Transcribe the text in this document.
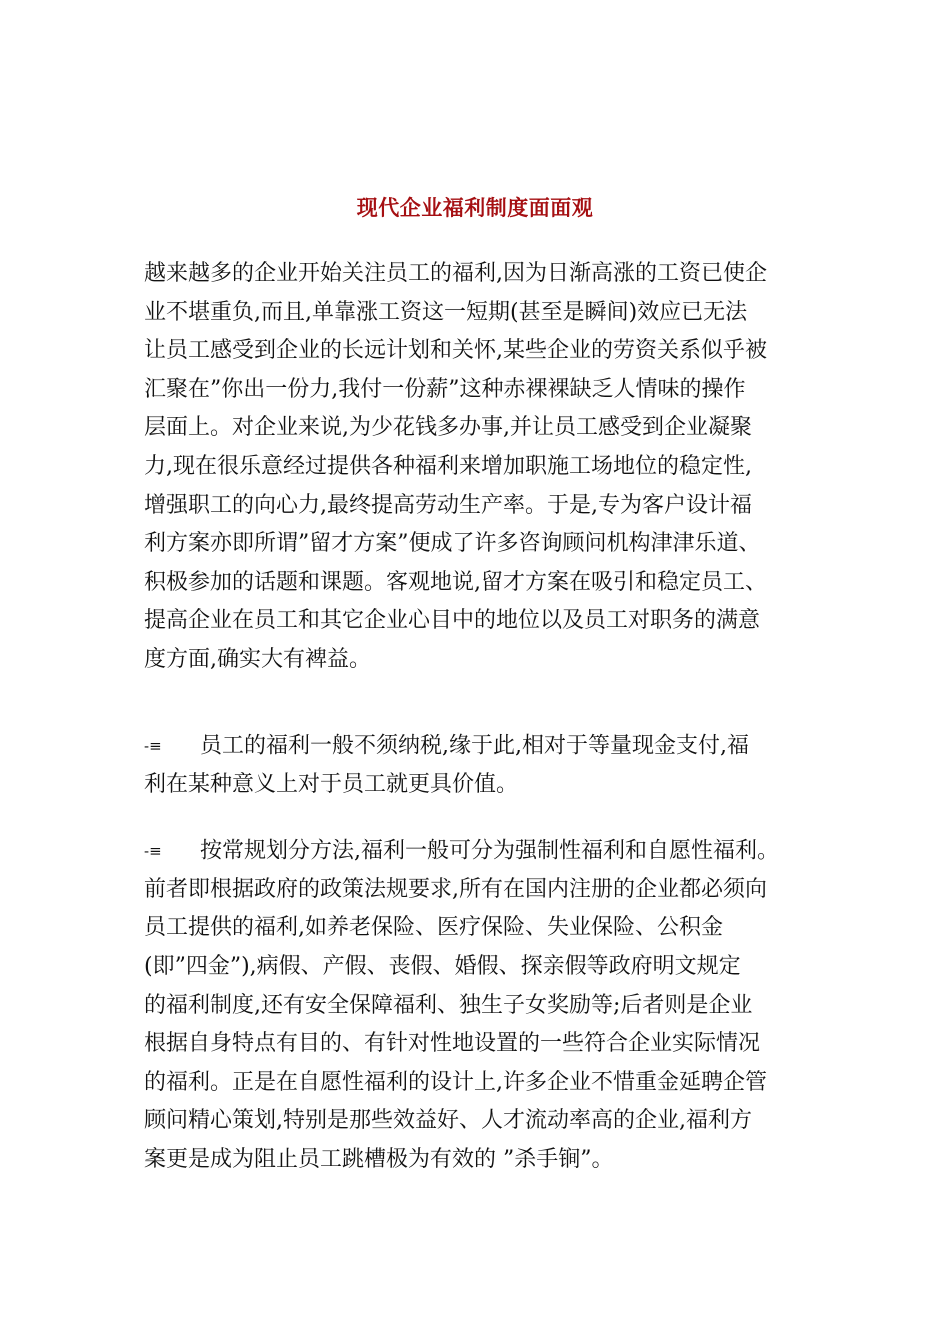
现代企业福利制度面面观
越来越多的企业开始关注员工的福利,因为日渐高涨的工资已使企
业不堪重负,而且,单靠涨工资这一短期(甚至是瞬间)效应已无法
让员工感受到企业的长远计划和关怀,某些企业的劳资关系似乎被
汇聚在”你出一份力,我付一份薪”这种赤裸裸缺乏人情味的操作
层面上。对企业来说,为少花钱多办事,并让员工感受到企业凝聚
力,现在很乐意经过提供各种福利来增加职施工场地位的稳定性,
增强职工的向心力,最终提高劳动生产率。于是,专为客户设计福
利方案亦即所谓”留才方案”便成了许多咨询顾问机构津津乐道、
积极参加的话题和课题。客观地说,留才方案在吸引和稳定员工、
提高企业在员工和其它企业心目中的地位以及员工对职务的满意
度方面,确实大有裨益。
-≡ 员工的福利一般不须纳税,缘于此,相对于等量现金支付,福
利在某种意义上对于员工就更具价值。
-≡ 按常规划分方法,福利一般可分为强制性福利和自愿性福利。
前者即根据政府的政策法规要求,所有在国内注册的企业都必须向
员工提供的福利,如养老保险、医疗保险、失业保险、公积金
(即”四金”),病假、产假、丧假、婚假、探亲假等政府明文规定
的福利制度,还有安全保障福利、独生子女奖励等;后者则是企业
根据自身特点有目的、有针对性地设置的一些符合企业实际情况
的福利。正是在自愿性福利的设计上,许多企业不惜重金延聘企管
顾问精心策划,特别是那些效益好、人才流动率高的企业,福利方
案更是成为阻止员工跳槽极为有效的 ”杀手锏”。
